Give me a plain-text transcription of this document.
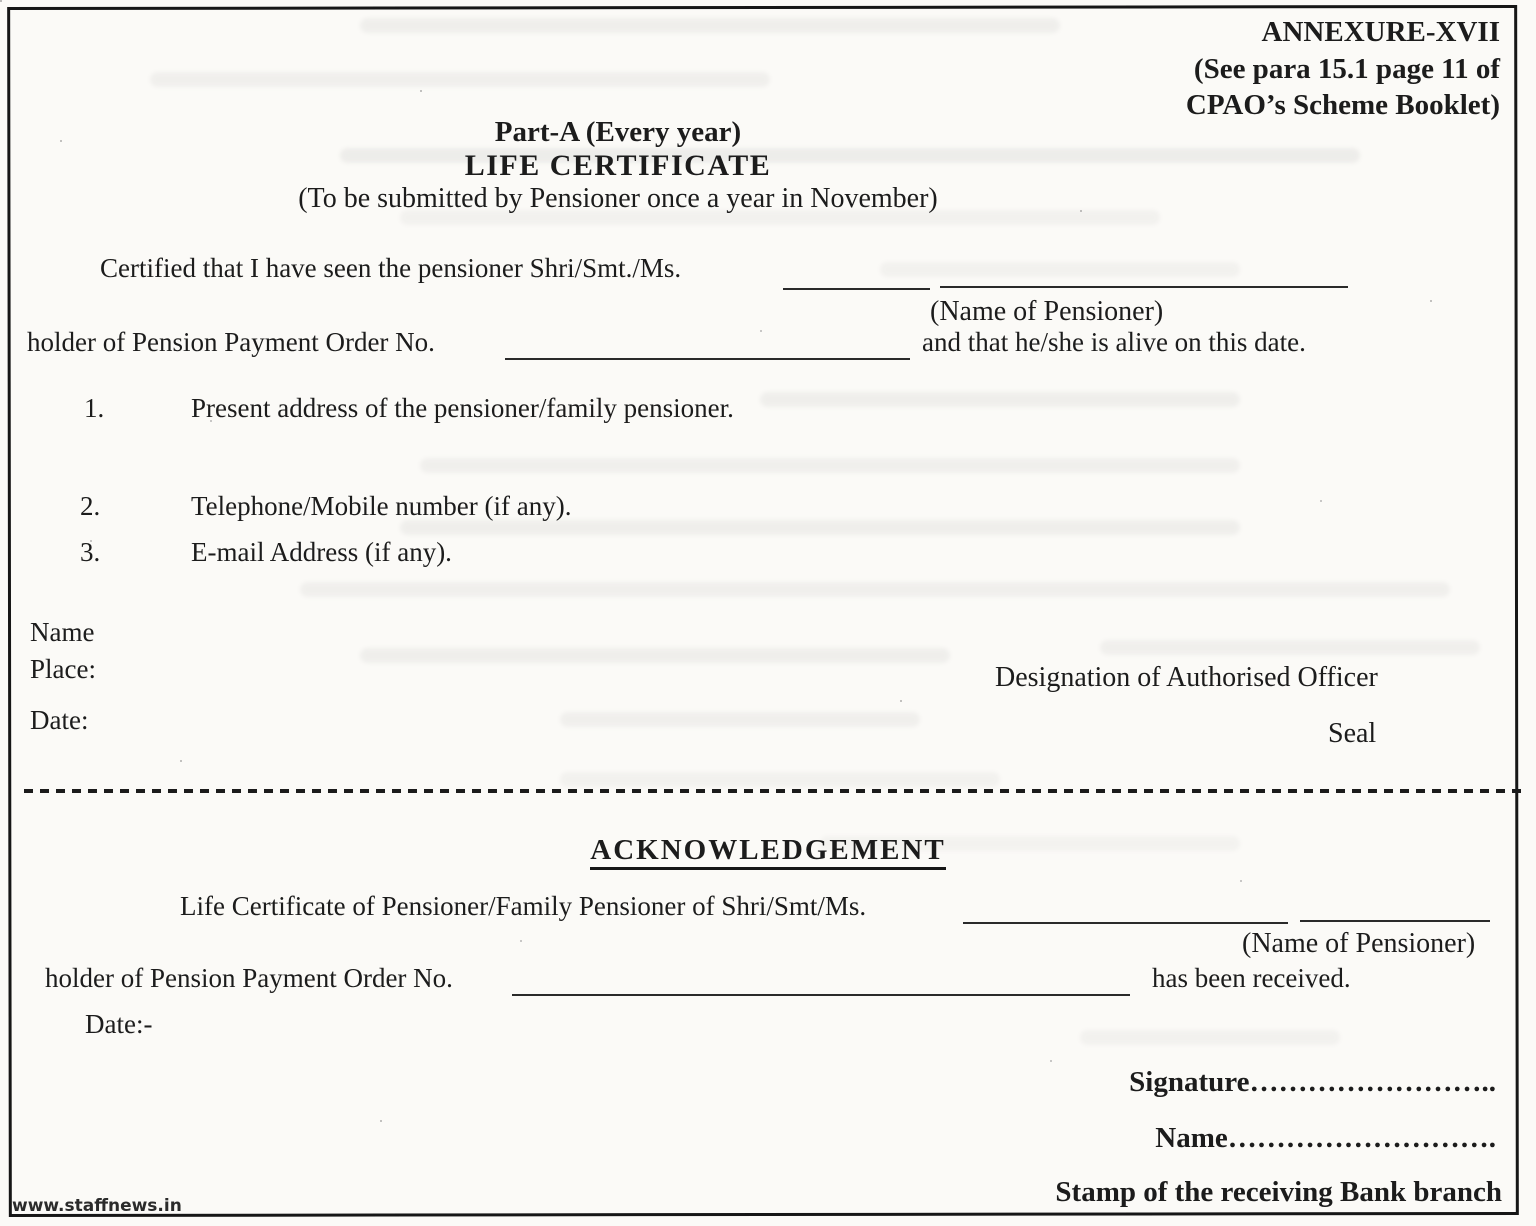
ANNEXURE-XVII
(See para 15.1 page 11 of
CPAO’s Scheme Booklet)
Part-A (Every year)
LIFE CERTIFICATE
(To be submitted by Pensioner once a year in November)
Certified that I have seen the pensioner Shri/Smt./Ms.
(Name of Pensioner)
holder of Pension Payment Order No.	and that he/she is alive on this date.
1.	Present address of the pensioner/family pensioner.
2.	Telephone/Mobile number (if any).
3.	E-mail Address (if any).
Name
Place:
Date:
Designation of Authorised Officer
Seal
ACKNOWLEDGEMENT
Life Certificate of Pensioner/Family Pensioner of Shri/Smt/Ms.
(Name of Pensioner)
holder of Pension Payment Order No.	has been received.
Date:-
Signature……………………..
Name……………………….
Stamp of the receiving Bank branch
www.staffnews.in
